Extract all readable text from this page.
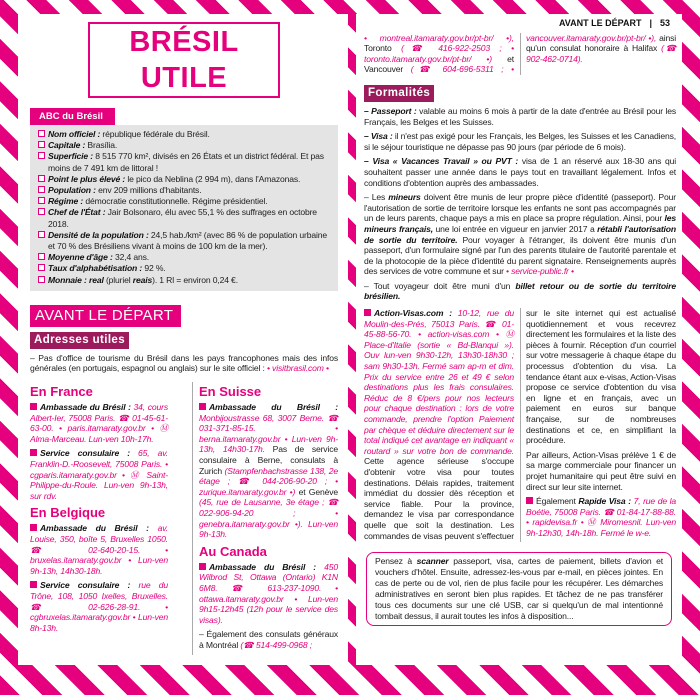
BRÉSIL UTILE
ABC du Brésil
Nom officiel : république fédérale du Brésil.
Capitale : Brasília.
Superficie : 8 515 770 km², divisés en 26 États et un district fédéral. Et pas moins de 7 491 km de littoral !
Point le plus élevé : le pico da Neblina (2 994 m), dans l'Amazonas.
Population : env 209 millions d'habitants.
Régime : démocratie constitutionnelle. Régime présidentiel.
Chef de l'État : Jair Bolsonaro, élu avec 55,1 % des suffrages en octobre 2018.
Densité de la population : 24,5 hab./km² (avec 86 % de population urbaine et 70 % des Brésiliens vivant à moins de 100 km de la mer).
Moyenne d'âge : 32,4 ans.
Taux d'alphabétisation : 92 %.
Monnaie : real (pluriel reais). 1 Rl = environ 0,24 €.
AVANT LE DÉPART
Adresses utiles
– Pas d'office de tourisme du Brésil dans les pays francophones mais des infos générales (en portugais, espagnol ou anglais) sur le site officiel : • visitbrasil.com •
En France

Ambassade du Brésil : 34, cours Albert-Ier, 75008 Paris. ☎ 01-45-61-63-00. • paris.itamaraty.gov.br • Ⓜ Alma-Marceau. Lun-ven 10h-17h.

Service consulaire : 65, av. Franklin-D.-Roosevelt, 75008 Paris. • cgparis.itamaraty.gov.br • Ⓜ Saint-Philippe-du-Roule. Lun-ven 9h-13h, sur rdv.

En Belgique

Ambassade du Brésil : av. Louise, 350, boîte 5, Bruxelles 1050. ☎ 02-640-20-15. • bruxelas.itamaraty.gov.br • Lun-ven 9h-13h, 14h30-18h.

Service consulaire : rue du Trône, 108, 1050 Ixelles, Bruxelles. ☎ 02-626-28-91. • cgbruxelas.itamaraty.gov.br • Lun-ven 8h-13h.

En Suisse

Ambassade du Brésil : Monbijoustrasse 68, 3007 Berne. ☎ 031-371-85-15. • berna.itamaraty.gov.br • Lun-ven 9h-13h, 14h30-17h. Pas de service consulaire à Berne, consulats à Zurich (Stampfenbachstrasse 138, 2e étage ; ☎ 044-206-90-20 ; • zurique.itamaraty.gov.br •) et Genève (45, rue de Lausanne, 3e étage ; ☎ 022-906-94-20 ; • genebra.itamaraty.gov.br •). Lun-ven 9h-13h.

Au Canada

Ambassade du Brésil : 450 Wilbrod St, Ottawa (Ontario) K1N 6M8. ☎ 613-237-1090. • ottawa.itamaraty.gov.br • Lun-ven 9h15-12h45 (12h pour le service des visas).

– Également des consulats généraux à Montréal (☎ 514-499-0968 ;

AVANT LE DÉPART | 53
• montreal.itamaraty.gov.br/pt-br/ •), Toronto (☎ 416-922-2503 ; • toronto.itamaraty.gov.br/pt-br/ •) et Vancouver (☎ 604-696-5311 ; • vancouver.itamaraty.gov.br/pt-br/ •), ainsi qu'un consulat honoraire à Halifax (☎ 902-462-0714).
Formalités

– Passeport : valable au moins 6 mois à partir de la date d'entrée au Brésil pour les Français, les Belges et les Suisses.

– Visa : il n'est pas exigé pour les Français, les Belges, les Suisses et les Canadiens, si le séjour touristique ne dépasse pas 90 jours (par période de 6 mois).

– Visa « Vacances Travail » ou PVT : visa de 1 an réservé aux 18-30 ans qui souhaitent passer une année dans le pays tout en travaillant légalement. Infos et conditions d'obtention auprès des ambassades.

– Les mineurs doivent être munis de leur propre pièce d'identité (passeport). Pour l'autorisation de sortie de territoire lorsque les enfants ne sont pas accompagnés par un de leurs parents, chaque pays a mis en place sa propre régulation. Ainsi, pour les mineurs français, une loi entrée en vigueur en janvier 2017 a rétabli l'autorisation de sortie du territoire. Pour voyager à l'étranger, ils doivent être munis d'un passeport, d'un formulaire signé par l'un des parents titulaire de l'autorité parentale et de la photocopie de la pièce d'identité du parent signataire. Renseignements auprès des services de votre commune et sur • service-public.fr •

– Tout voyageur doit être muni d'un billet retour ou de sortie du territoire brésilien.

Action-Visas.com : 10-12, rue du Moulin-des-Prés, 75013 Paris. ☎ 01-45-88-56-70. • action-visas.com • Ⓜ Place-d'Italie (sortie « Bd-Blanqui »). Ouv lun-ven 9h30-12h, 13h30-18h30 ; sam 9h30-13h. Fermé sam ap-m et dim. Prix du service entre 26 et 49 € selon destinations plus les frais consulaires. Réduc de 8 €/pers pour nos lecteurs pour chaque destination : lors de votre commande, prendre l'option Paiement par chèque et déduire directement sur le total indiqué cet avantage en indiquant « routard » sur votre bon de commande. Cette agence sérieuse s'occupe d'obtenir votre visa pour toutes destinations. Délais rapides, traitement immédiat du dossier dès réception et service fiable. Pour la province, demandez le visa par correspondance quelle que soit la destination. Les commandes de visas peuvent s'effectuer sur le site internet qui est actualisé quotidiennement et vous recevrez directement les formulaires et la liste des pièces à fournir. Réception d'un courriel sur votre messagerie à chaque étape du processus d'obtention du visa. La tendance étant aux e-visas, Action-Visas propose ce service d'obtention du visa en ligne et en français, avec un paiement en euros sur banque française, sur de nombreuses destinations et ce, en simplifiant la procédure.

Par ailleurs, Action-Visas prélève 1 € de sa marge commerciale pour financer un projet humanitaire qui peut être suivi en direct sur leur site internet.

Également Rapide Visa : 7, rue de la Boétie, 75008 Paris. ☎ 01-84-17-88-88. • rapidevisa.fr • Ⓜ Miromesnil. Lun-ven 9h-12h30, 14h-18h. Fermé le w-e.

Pensez à scanner passeport, visa, cartes de paiement, billets d'avion et vouchers d'hôtel. Ensuite, adressez-les-vous par e-mail, en pièces jointes. En cas de perte ou de vol, rien de plus facile pour les récupérer. Les démarches administratives en seront bien plus rapides. Et tâchez de ne pas transférer tous ces documents sur une clé USB, car si quelqu'un de mal intentionné tombait dessus, il aurait toutes les infos à disposition...
